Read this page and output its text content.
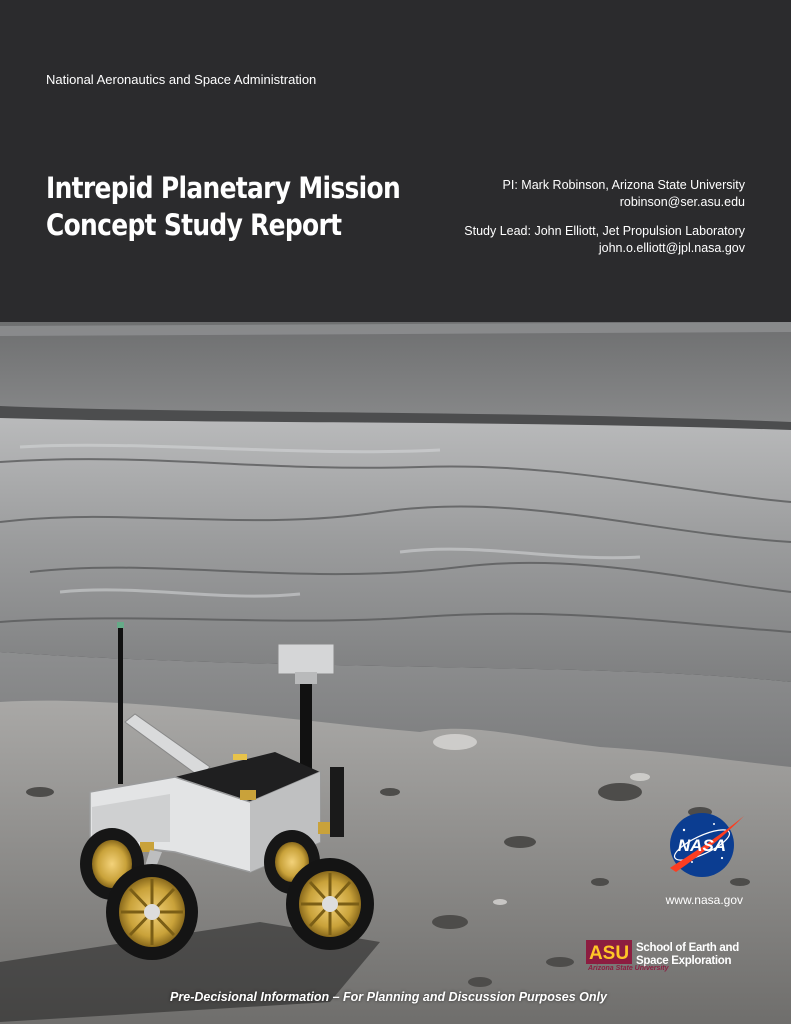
National Aeronautics and Space Administration
Intrepid Planetary Mission
Concept Study Report
PI: Mark Robinson, Arizona State University
robinson@ser.asu.edu
Study Lead: John Elliott, Jet Propulsion Laboratory
john.o.elliott@jpl.nasa.gov
NASA
www.nasa.gov
ASU School of Earth and
Space Exploration
Arizona State University
Pre-Decisional Information – For Planning and Discussion Purposes Only
